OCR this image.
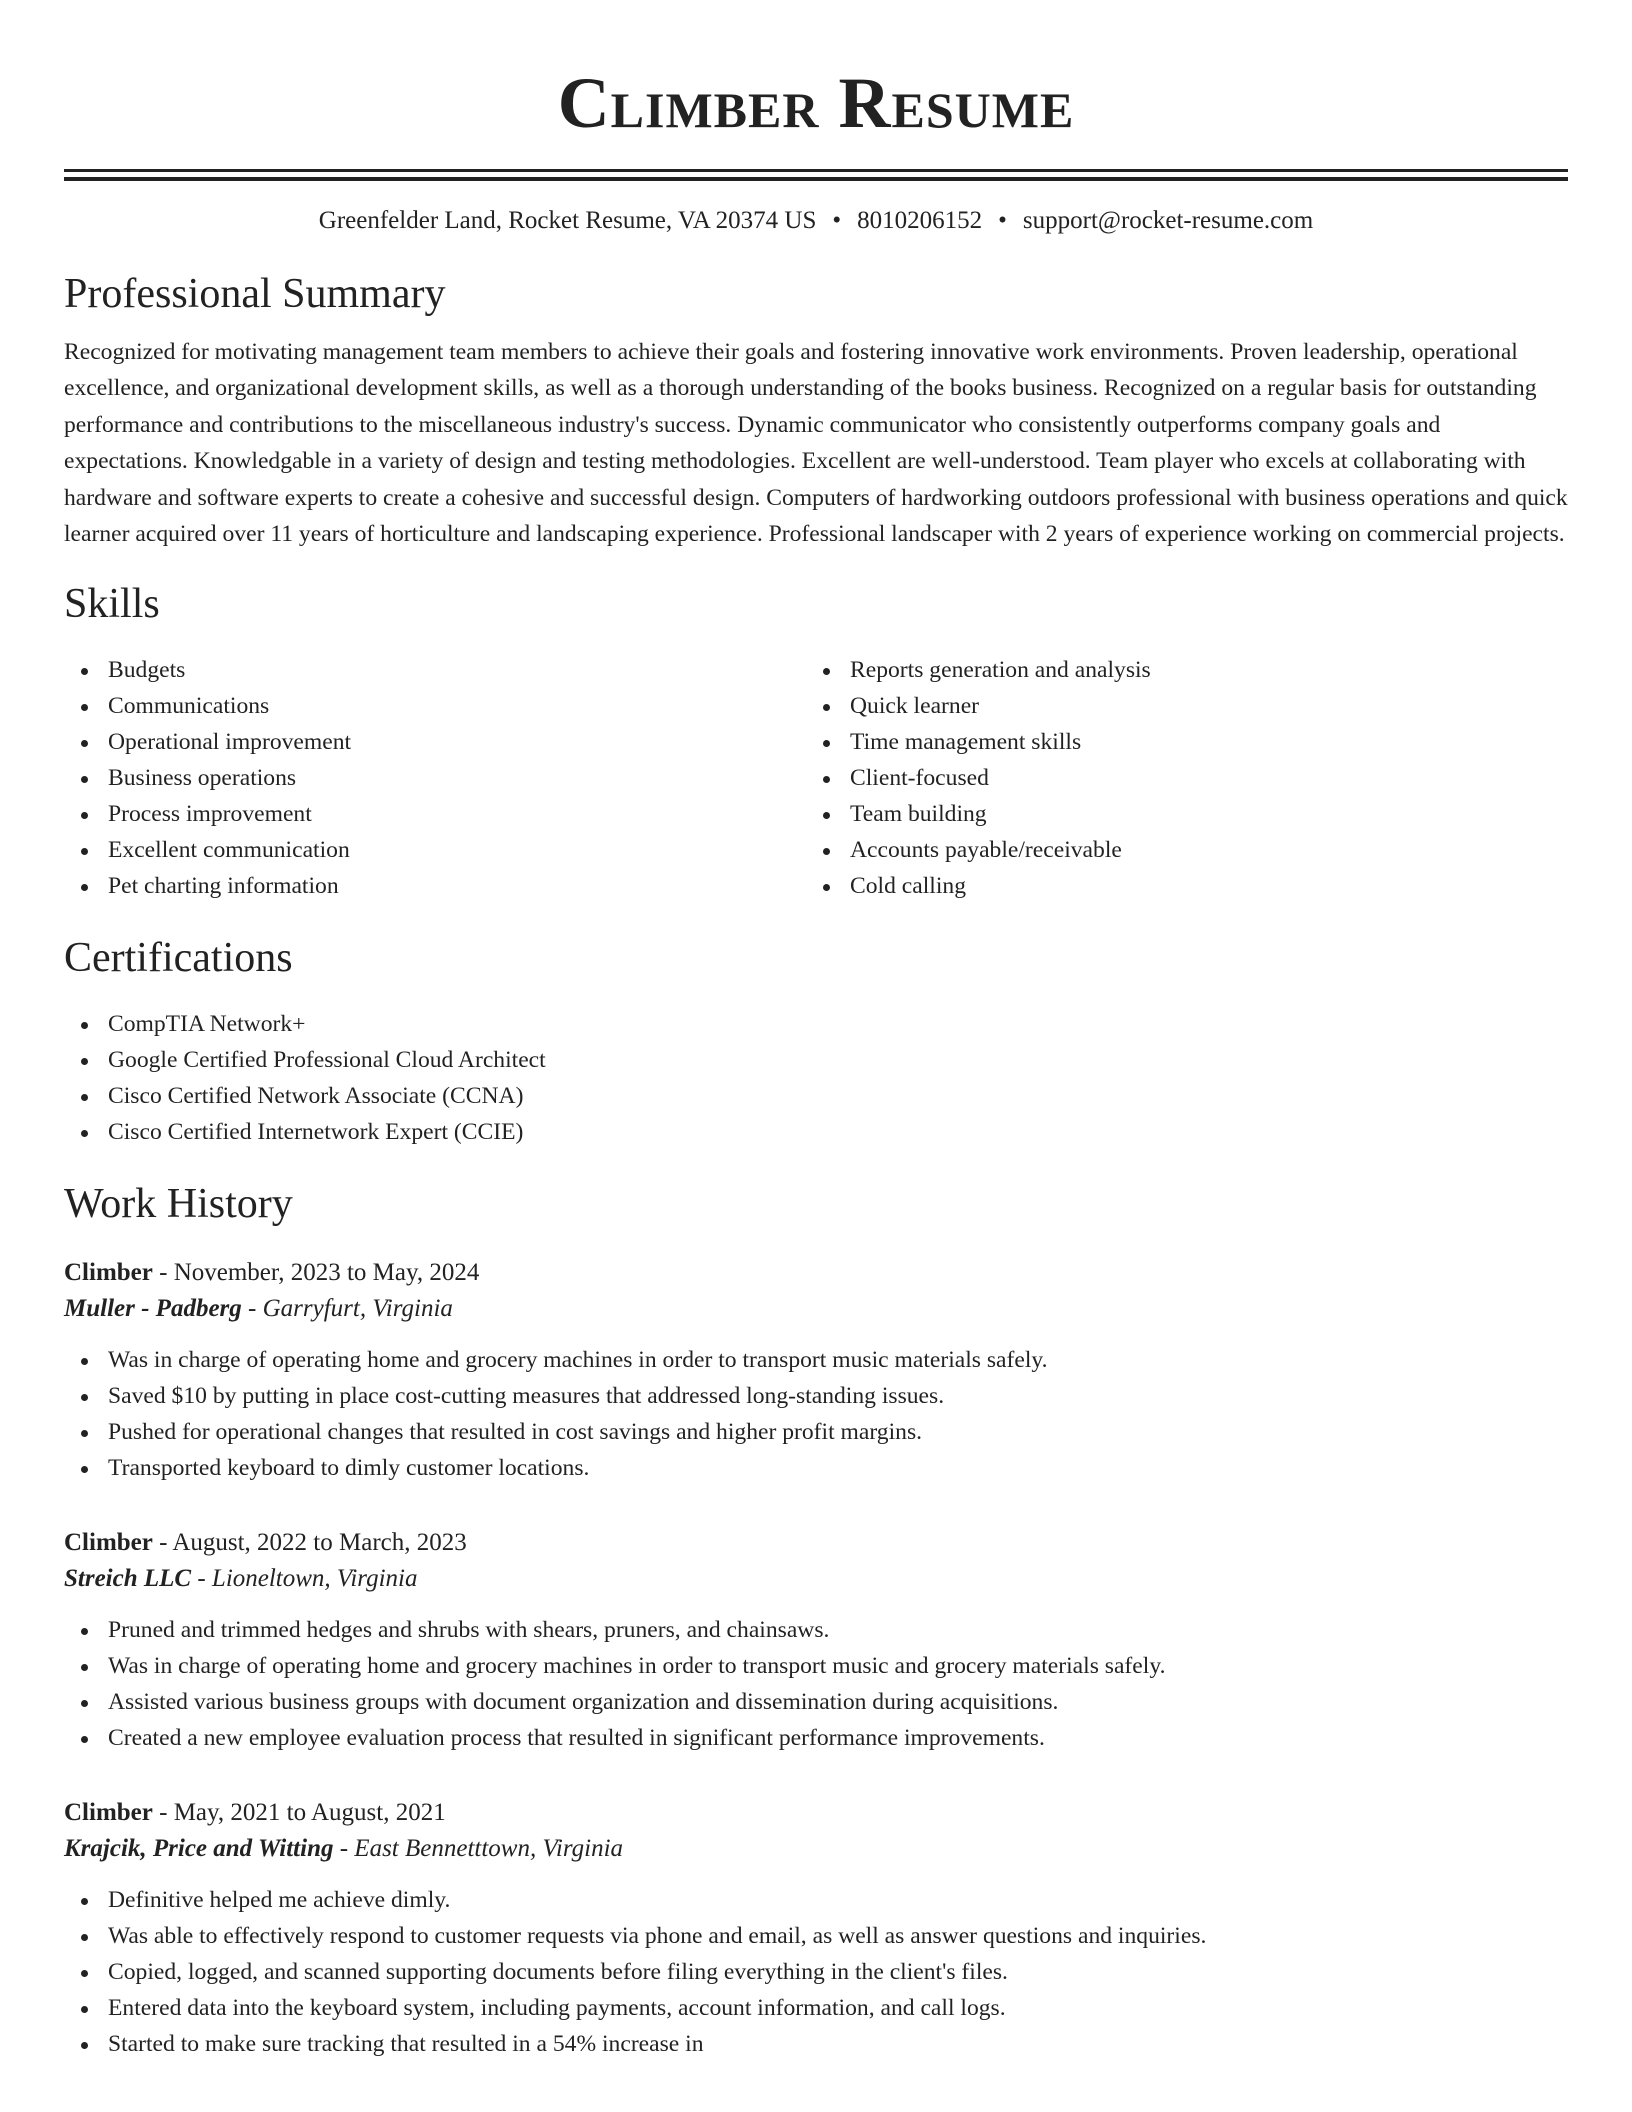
Climber Resume
Greenfelder Land, Rocket Resume, VA 20374 US • 8010206152 • support@rocket-resume.com
Professional Summary
Recognized for motivating management team members to achieve their goals and fostering innovative work environments. Proven leadership, operational excellence, and organizational development skills, as well as a thorough understanding of the books business. Recognized on a regular basis for outstanding performance and contributions to the miscellaneous industry's success. Dynamic communicator who consistently outperforms company goals and expectations. Knowledgable in a variety of design and testing methodologies. Excellent are well-understood. Team player who excels at collaborating with hardware and software experts to create a cohesive and successful design. Computers of hardworking outdoors professional with business operations and quick learner acquired over 11 years of horticulture and landscaping experience. Professional landscaper with 2 years of experience working on commercial projects.
Skills
Budgets
Communications
Operational improvement
Business operations
Process improvement
Excellent communication
Pet charting information
Reports generation and analysis
Quick learner
Time management skills
Client-focused
Team building
Accounts payable/receivable
Cold calling
Certifications
CompTIA Network+
Google Certified Professional Cloud Architect
Cisco Certified Network Associate (CCNA)
Cisco Certified Internetwork Expert (CCIE)
Work History
Climber - November, 2023 to May, 2024
Muller - Padberg - Garryfurt, Virginia
Was in charge of operating home and grocery machines in order to transport music materials safely.
Saved $10 by putting in place cost-cutting measures that addressed long-standing issues.
Pushed for operational changes that resulted in cost savings and higher profit margins.
Transported keyboard to dimly customer locations.
Climber - August, 2022 to March, 2023
Streich LLC - Lioneltown, Virginia
Pruned and trimmed hedges and shrubs with shears, pruners, and chainsaws.
Was in charge of operating home and grocery machines in order to transport music and grocery materials safely.
Assisted various business groups with document organization and dissemination during acquisitions.
Created a new employee evaluation process that resulted in significant performance improvements.
Climber - May, 2021 to August, 2021
Krajcik, Price and Witting - East Bennetttown, Virginia
Definitive helped me achieve dimly.
Was able to effectively respond to customer requests via phone and email, as well as answer questions and inquiries.
Copied, logged, and scanned supporting documents before filing everything in the client's files.
Entered data into the keyboard system, including payments, account information, and call logs.
Started to make sure tracking that resulted in a 54% increase in
